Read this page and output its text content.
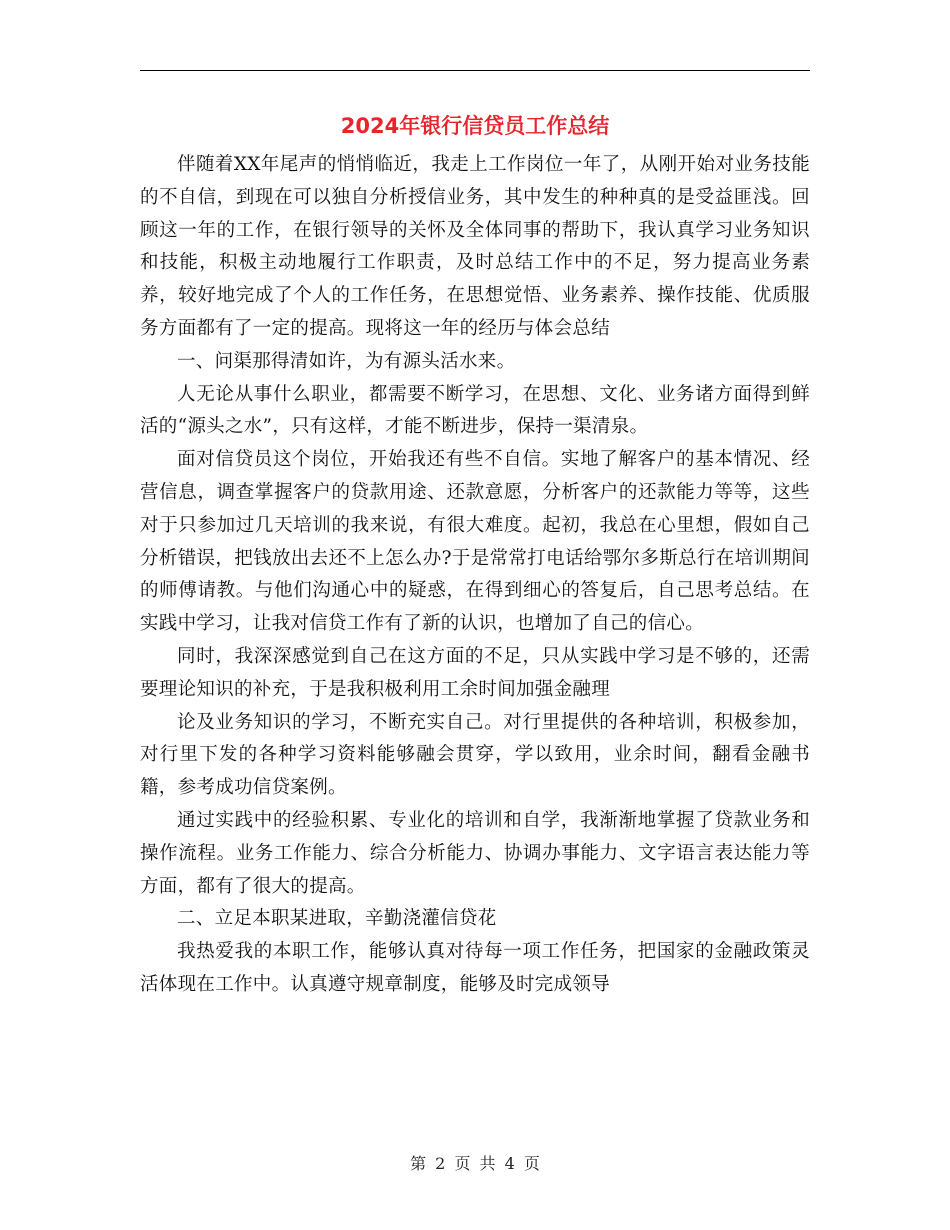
2024年银行信贷员工作总结

伴随着XX年尾声的悄悄临近，我走上工作岗位一年了，从刚开始对业务技能的不自信，到现在可以独自分析授信业务，其中发生的种种真的是受益匪浅。回顾这一年的工作，在银行领导的关怀及全体同事的帮助下，我认真学习业务知识和技能，积极主动地履行工作职责，及时总结工作中的不足，努力提高业务素养，较好地完成了个人的工作任务，在思想觉悟、业务素养、操作技能、优质服务方面都有了一定的提高。现将这一年的经历与体会总结

一、问渠那得清如许，为有源头活水来。

人无论从事什么职业，都需要不断学习，在思想、文化、业务诸方面得到鲜活的“源头之水”，只有这样，才能不断进步，保持一渠清泉。

面对信贷员这个岗位，开始我还有些不自信。实地了解客户的基本情况、经营信息，调查掌握客户的贷款用途、还款意愿，分析客户的还款能力等等，这些对于只参加过几天培训的我来说，有很大难度。起初，我总在心里想，假如自己分析错误，把钱放出去还不上怎么办?于是常常打电话给鄂尔多斯总行在培训期间的师傅请教。与他们沟通心中的疑惑，在得到细心的答复后，自己思考总结。在实践中学习，让我对信贷工作有了新的认识，也增加了自己的信心。

同时，我深深感觉到自己在这方面的不足，只从实践中学习是不够的，还需要理论知识的补充，于是我积极利用工余时间加强金融理

论及业务知识的学习，不断充实自己。对行里提供的各种培训，积极参加，对行里下发的各种学习资料能够融会贯穿，学以致用，业余时间，翻看金融书籍，参考成功信贷案例。

通过实践中的经验积累、专业化的培训和自学，我渐渐地掌握了贷款业务和操作流程。业务工作能力、综合分析能力、协调办事能力、文字语言表达能力等方面，都有了很大的提高。

二、立足本职某进取，辛勤浇灌信贷花

我热爱我的本职工作，能够认真对待每一项工作任务，把国家的金融政策灵活体现在工作中。认真遵守规章制度，能够及时完成领导

第 2 页 共 4 页
